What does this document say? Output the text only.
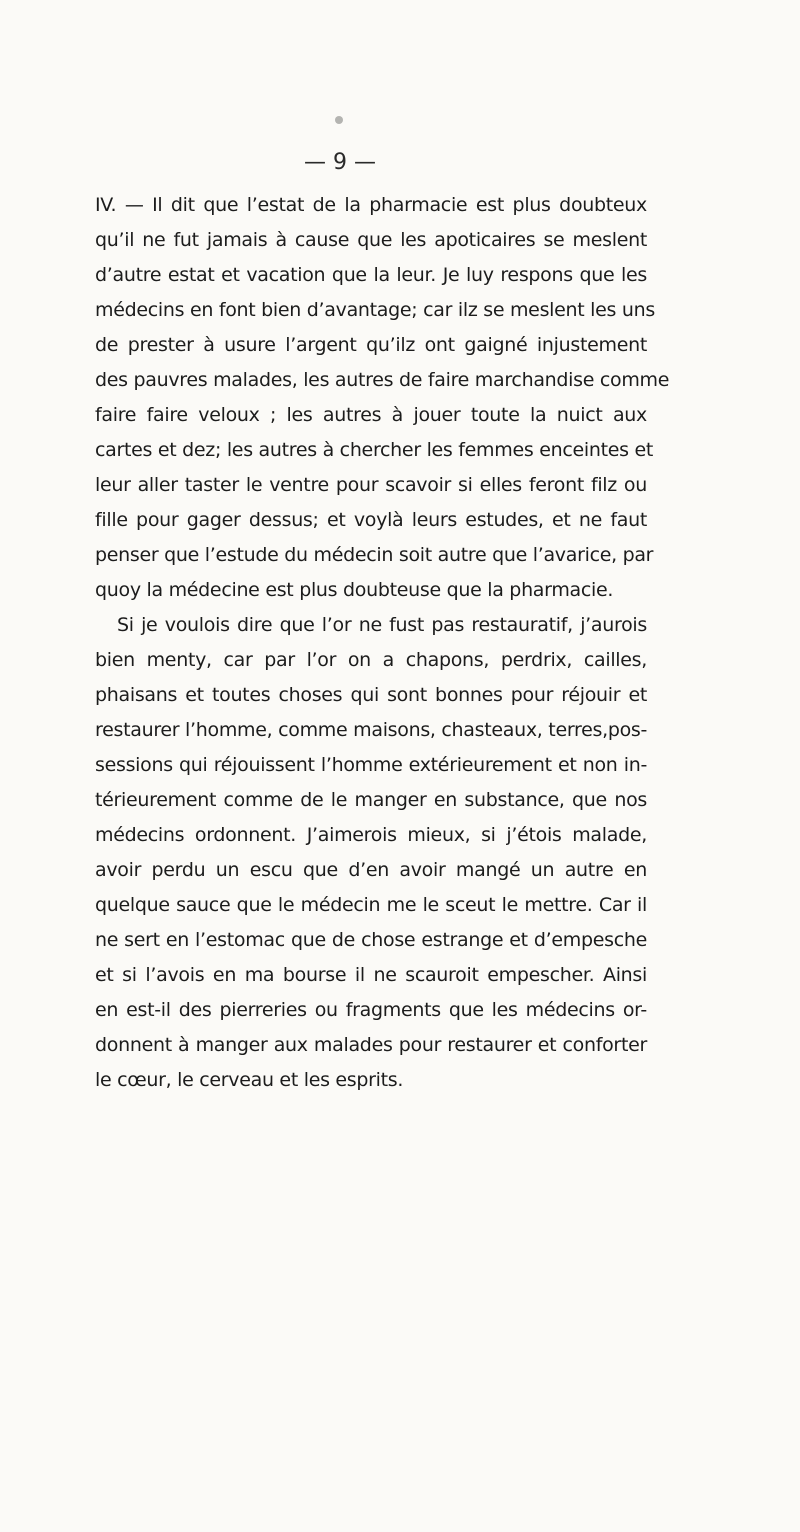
— 9 —
IV. — Il dit que l’estat de la pharmacie est plus doubteux
qu’il ne fut jamais à cause que les apoticaires se meslent
d’autre estat et vacation que la leur. Je luy respons que les
médecins en font bien d’avantage; car ilz se meslent les uns
de prester à usure l’argent qu’ilz ont gaigné injustement
des pauvres malades, les autres de faire marchandise comme
faire faire veloux ; les autres à jouer toute la nuict aux
cartes et dez; les autres à chercher les femmes enceintes et
leur aller taster le ventre pour scavoir si elles feront filz ou
fille pour gager dessus; et voylà leurs estudes, et ne faut
penser que l’estude du médecin soit autre que l’avarice, par
quoy la médecine est plus doubteuse que la pharmacie.
Si je voulois dire que l’or ne fust pas restauratif, j’aurois
bien menty, car par l’or on a chapons, perdrix, cailles,
phaisans et toutes choses qui sont bonnes pour réjouir et
restaurer l’homme, comme maisons, chasteaux, terres,pos-
sessions qui réjouissent l’homme extérieurement et non in-
térieurement comme de le manger en substance, que nos
médecins ordonnent. J’aimerois mieux, si j’étois malade,
avoir perdu un escu que d’en avoir mangé un autre en
quelque sauce que le médecin me le sceut le mettre. Car il
ne sert en l’estomac que de chose estrange et d’empesche
et si l’avois en ma bourse il ne scauroit empescher. Ainsi
en est-il des pierreries ou fragments que les médecins or-
donnent à manger aux malades pour restaurer et conforter
le cœur, le cerveau et les esprits.
